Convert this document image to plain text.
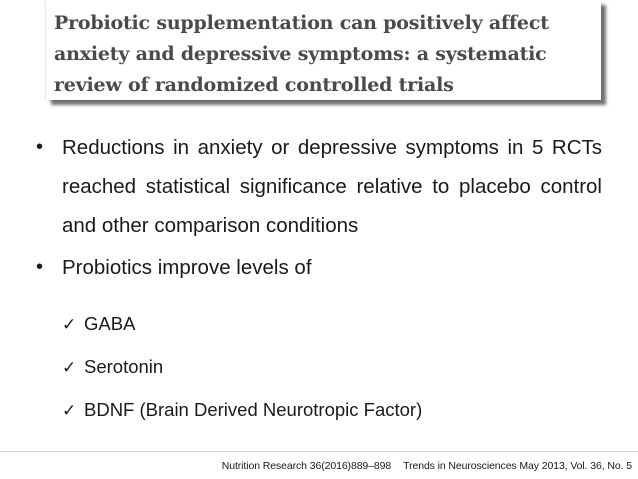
Probiotic supplementation can positively affect anxiety and depressive symptoms: a systematic review of randomized controlled trials

• Reductions in anxiety or depressive symptoms in 5 RCTs reached statistical significance relative to placebo control and other comparison conditions
• Probiotics improve levels of
✓ GABA
✓ Serotonin
✓ BDNF (Brain Derived Neurotropic Factor)
Nutrition Research 36(2016)889–898 Trends in Neurosciences May 2013, Vol. 36, No. 5
